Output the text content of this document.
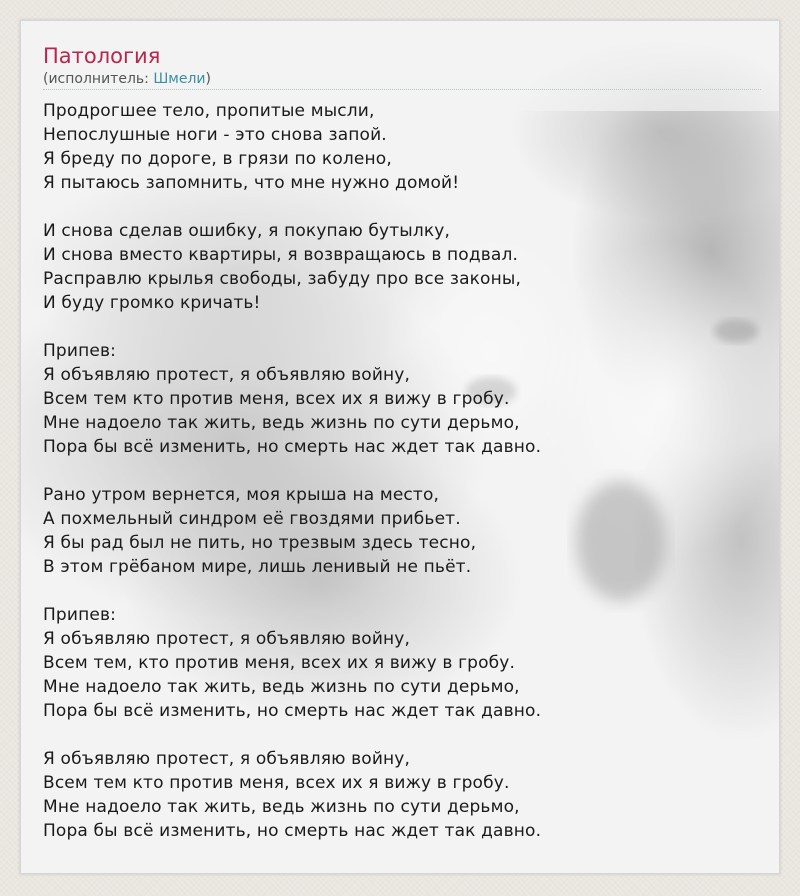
Патология
(исполнитель: Шмели)
Продрогшее тело, пропитые мысли,
Непослушные ноги - это снова запой.
Я бреду по дороге, в грязи по колено,
Я пытаюсь запомнить, что мне нужно домой!
И снова сделав ошибку, я покупаю бутылку,
И снова вместо квартиры, я возвращаюсь в подвал.
Расправлю крылья свободы, забуду про все законы,
И буду громко кричать!
Припев:
Я объявляю протест, я объявляю войну,
Всем тем кто против меня, всех их я вижу в гробу.
Мне надоело так жить, ведь жизнь по сути дерьмо,
Пора бы всё изменить, но смерть нас ждет так давно.
Рано утром вернется, моя крыша на место,
А похмельный синдром её гвоздями прибьет.
Я бы рад был не пить, но трезвым здесь тесно,
В этом грёбаном мире, лишь ленивый не пьёт.
Припев:
Я объявляю протест, я объявляю войну,
Всем тем, кто против меня, всех их я вижу в гробу.
Мне надоело так жить, ведь жизнь по сути дерьмо,
Пора бы всё изменить, но смерть нас ждет так давно.
Я объявляю протест, я объявляю войну,
Всем тем кто против меня, всех их я вижу в гробу.
Мне надоело так жить, ведь жизнь по сути дерьмо,
Пора бы всё изменить, но смерть нас ждет так давно.
